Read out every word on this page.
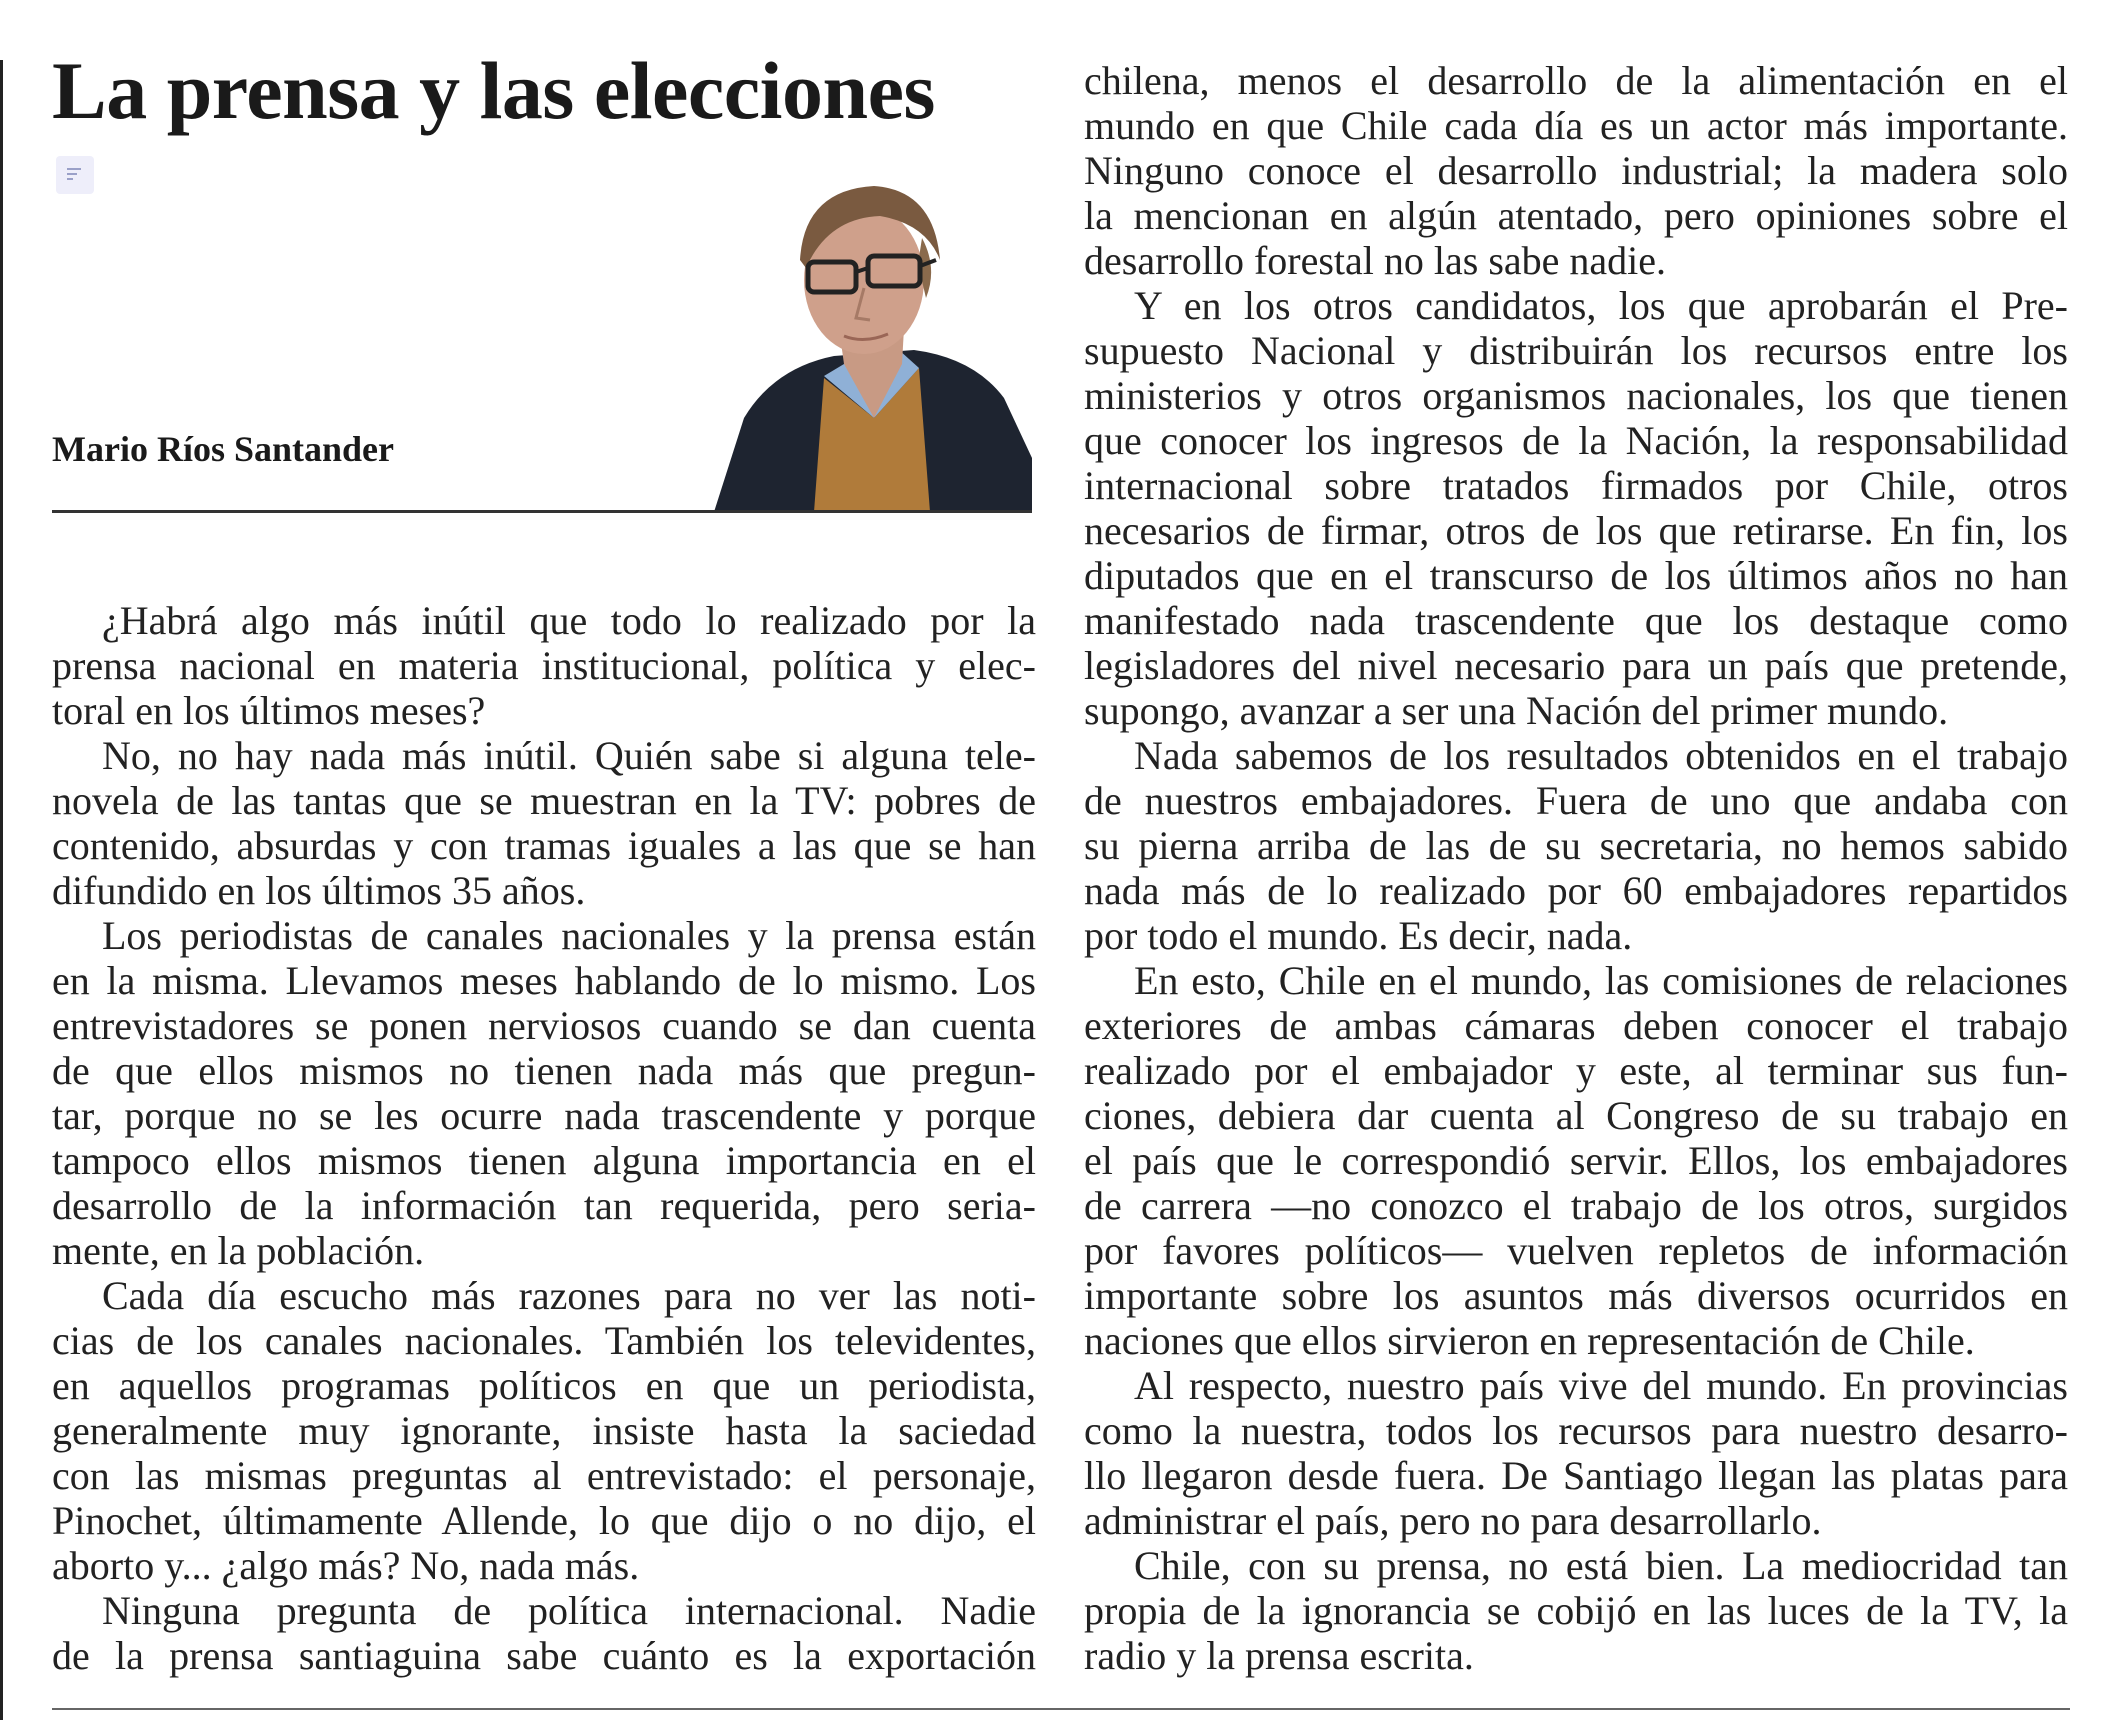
La prensa y las elecciones
Mario Ríos Santander
¿Habrá algo más inútil que todo lo realizado por la
prensa nacional en materia institucional, política y elec-
toral en los últimos meses?
No, no hay nada más inútil. Quién sabe si alguna tele-
novela de las tantas que se muestran en la TV: pobres de
contenido, absurdas y con tramas iguales a las que se han
difundido en los últimos 35 años.
Los periodistas de canales nacionales y la prensa están
en la misma. Llevamos meses hablando de lo mismo. Los
entrevistadores se ponen nerviosos cuando se dan cuenta
de que ellos mismos no tienen nada más que pregun-
tar, porque no se les ocurre nada trascendente y porque
tampoco ellos mismos tienen alguna importancia en el
desarrollo de la información tan requerida, pero seria-
mente, en la población.
Cada día escucho más razones para no ver las noti-
cias de los canales nacionales. También los televidentes,
en aquellos programas políticos en que un periodista,
generalmente muy ignorante, insiste hasta la saciedad
con las mismas preguntas al entrevistado: el personaje,
Pinochet, últimamente Allende, lo que dijo o no dijo, el
aborto y... ¿algo más? No, nada más.
Ninguna pregunta de política internacional. Nadie
de la prensa santiaguina sabe cuánto es la exportación
chilena, menos el desarrollo de la alimentación en el
mundo en que Chile cada día es un actor más importante.
Ninguno conoce el desarrollo industrial; la madera solo
la mencionan en algún atentado, pero opiniones sobre el
desarrollo forestal no las sabe nadie.
Y en los otros candidatos, los que aprobarán el Pre-
supuesto Nacional y distribuirán los recursos entre los
ministerios y otros organismos nacionales, los que tienen
que conocer los ingresos de la Nación, la responsabilidad
internacional sobre tratados firmados por Chile, otros
necesarios de firmar, otros de los que retirarse. En fin, los
diputados que en el transcurso de los últimos años no han
manifestado nada trascendente que los destaque como
legisladores del nivel necesario para un país que pretende,
supongo, avanzar a ser una Nación del primer mundo.
Nada sabemos de los resultados obtenidos en el trabajo
de nuestros embajadores. Fuera de uno que andaba con
su pierna arriba de las de su secretaria, no hemos sabido
nada más de lo realizado por 60 embajadores repartidos
por todo el mundo. Es decir, nada.
En esto, Chile en el mundo, las comisiones de relaciones
exteriores de ambas cámaras deben conocer el trabajo
realizado por el embajador y este, al terminar sus fun-
ciones, debiera dar cuenta al Congreso de su trabajo en
el país que le correspondió servir. Ellos, los embajadores
de carrera —no conozco el trabajo de los otros, surgidos
por favores políticos— vuelven repletos de información
importante sobre los asuntos más diversos ocurridos en
naciones que ellos sirvieron en representación de Chile.
Al respecto, nuestro país vive del mundo. En provincias
como la nuestra, todos los recursos para nuestro desarro-
llo llegaron desde fuera. De Santiago llegan las platas para
administrar el país, pero no para desarrollarlo.
Chile, con su prensa, no está bien. La mediocridad tan
propia de la ignorancia se cobijó en las luces de la TV, la
radio y la prensa escrita.
